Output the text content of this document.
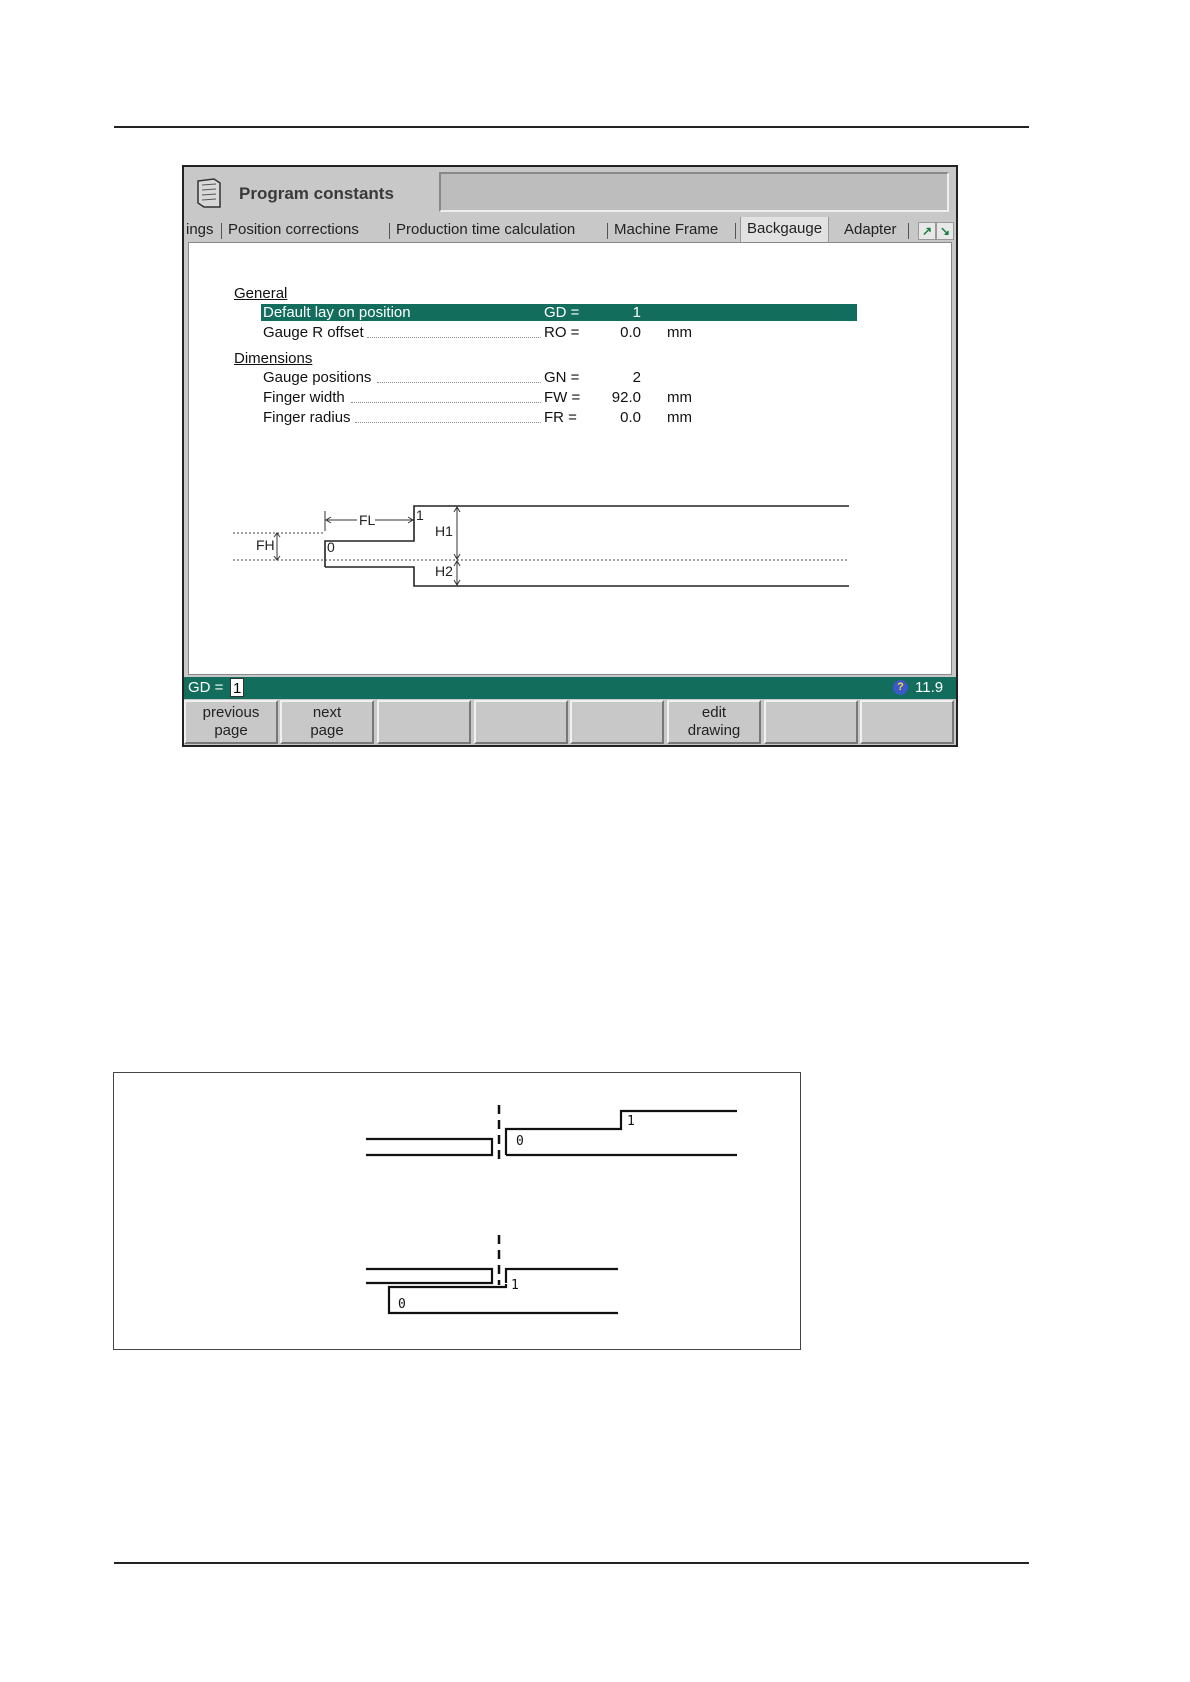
Program constants
ings Position corrections Production time calculation	Machine Frame	Backgauge	Adapter	↗ ↘
General
Default lay on position	GD =	1
Gauge R offset	RO =	0.0 mm
Dimensions
Gauge positions	GN =	2
Finger width	FW =	92.0 mm
Finger radius	FR =	0.0 mm
FL
FH
H1
H2
0
1
GD = 1	? 11.9
previous
page
next
page
edit
drawing
0
1
1
0
